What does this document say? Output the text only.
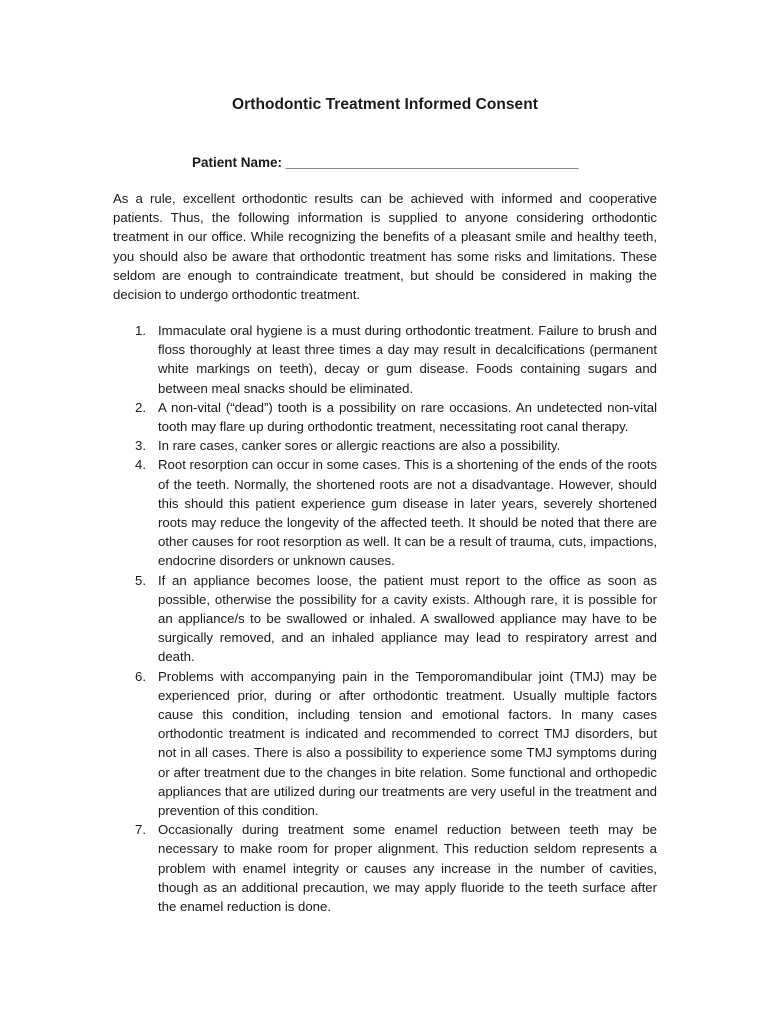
Orthodontic Treatment Informed Consent
Patient Name: _______________________________________

As a rule, excellent orthodontic results can be achieved with informed and cooperative patients. Thus, the following information is supplied to anyone considering orthodontic treatment in our office. While recognizing the benefits of a pleasant smile and healthy teeth, you should also be aware that orthodontic treatment has some risks and limitations. These seldom are enough to contraindicate treatment, but should be considered in making the decision to undergo orthodontic treatment.

1. Immaculate oral hygiene is a must during orthodontic treatment. Failure to brush and floss thoroughly at least three times a day may result in decalcifications (permanent white markings on teeth), decay or gum disease. Foods containing sugars and between meal snacks should be eliminated.
2. A non-vital (“dead”) tooth is a possibility on rare occasions. An undetected non-vital tooth may flare up during orthodontic treatment, necessitating root canal therapy.
3. In rare cases, canker sores or allergic reactions are also a possibility.
4. Root resorption can occur in some cases. This is a shortening of the ends of the roots of the teeth. Normally, the shortened roots are not a disadvantage. However, should this should this patient experience gum disease in later years, severely shortened roots may reduce the longevity of the affected teeth. It should be noted that there are other causes for root resorption as well. It can be a result of trauma, cuts, impactions, endocrine disorders or unknown causes.
5. If an appliance becomes loose, the patient must report to the office as soon as possible, otherwise the possibility for a cavity exists. Although rare, it is possible for an appliance/s to be swallowed or inhaled. A swallowed appliance may have to be surgically removed, and an inhaled appliance may lead to respiratory arrest and death.
6. Problems with accompanying pain in the Temporomandibular joint (TMJ) may be experienced prior, during or after orthodontic treatment. Usually multiple factors cause this condition, including tension and emotional factors. In many cases orthodontic treatment is indicated and recommended to correct TMJ disorders, but not in all cases. There is also a possibility to experience some TMJ symptoms during or after treatment due to the changes in bite relation. Some functional and orthopedic appliances that are utilized during our treatments are very useful in the treatment and prevention of this condition.
7. Occasionally during treatment some enamel reduction between teeth may be necessary to make room for proper alignment. This reduction seldom represents a problem with enamel integrity or causes any increase in the number of cavities, though as an additional precaution, we may apply fluoride to the teeth surface after the enamel reduction is done.
